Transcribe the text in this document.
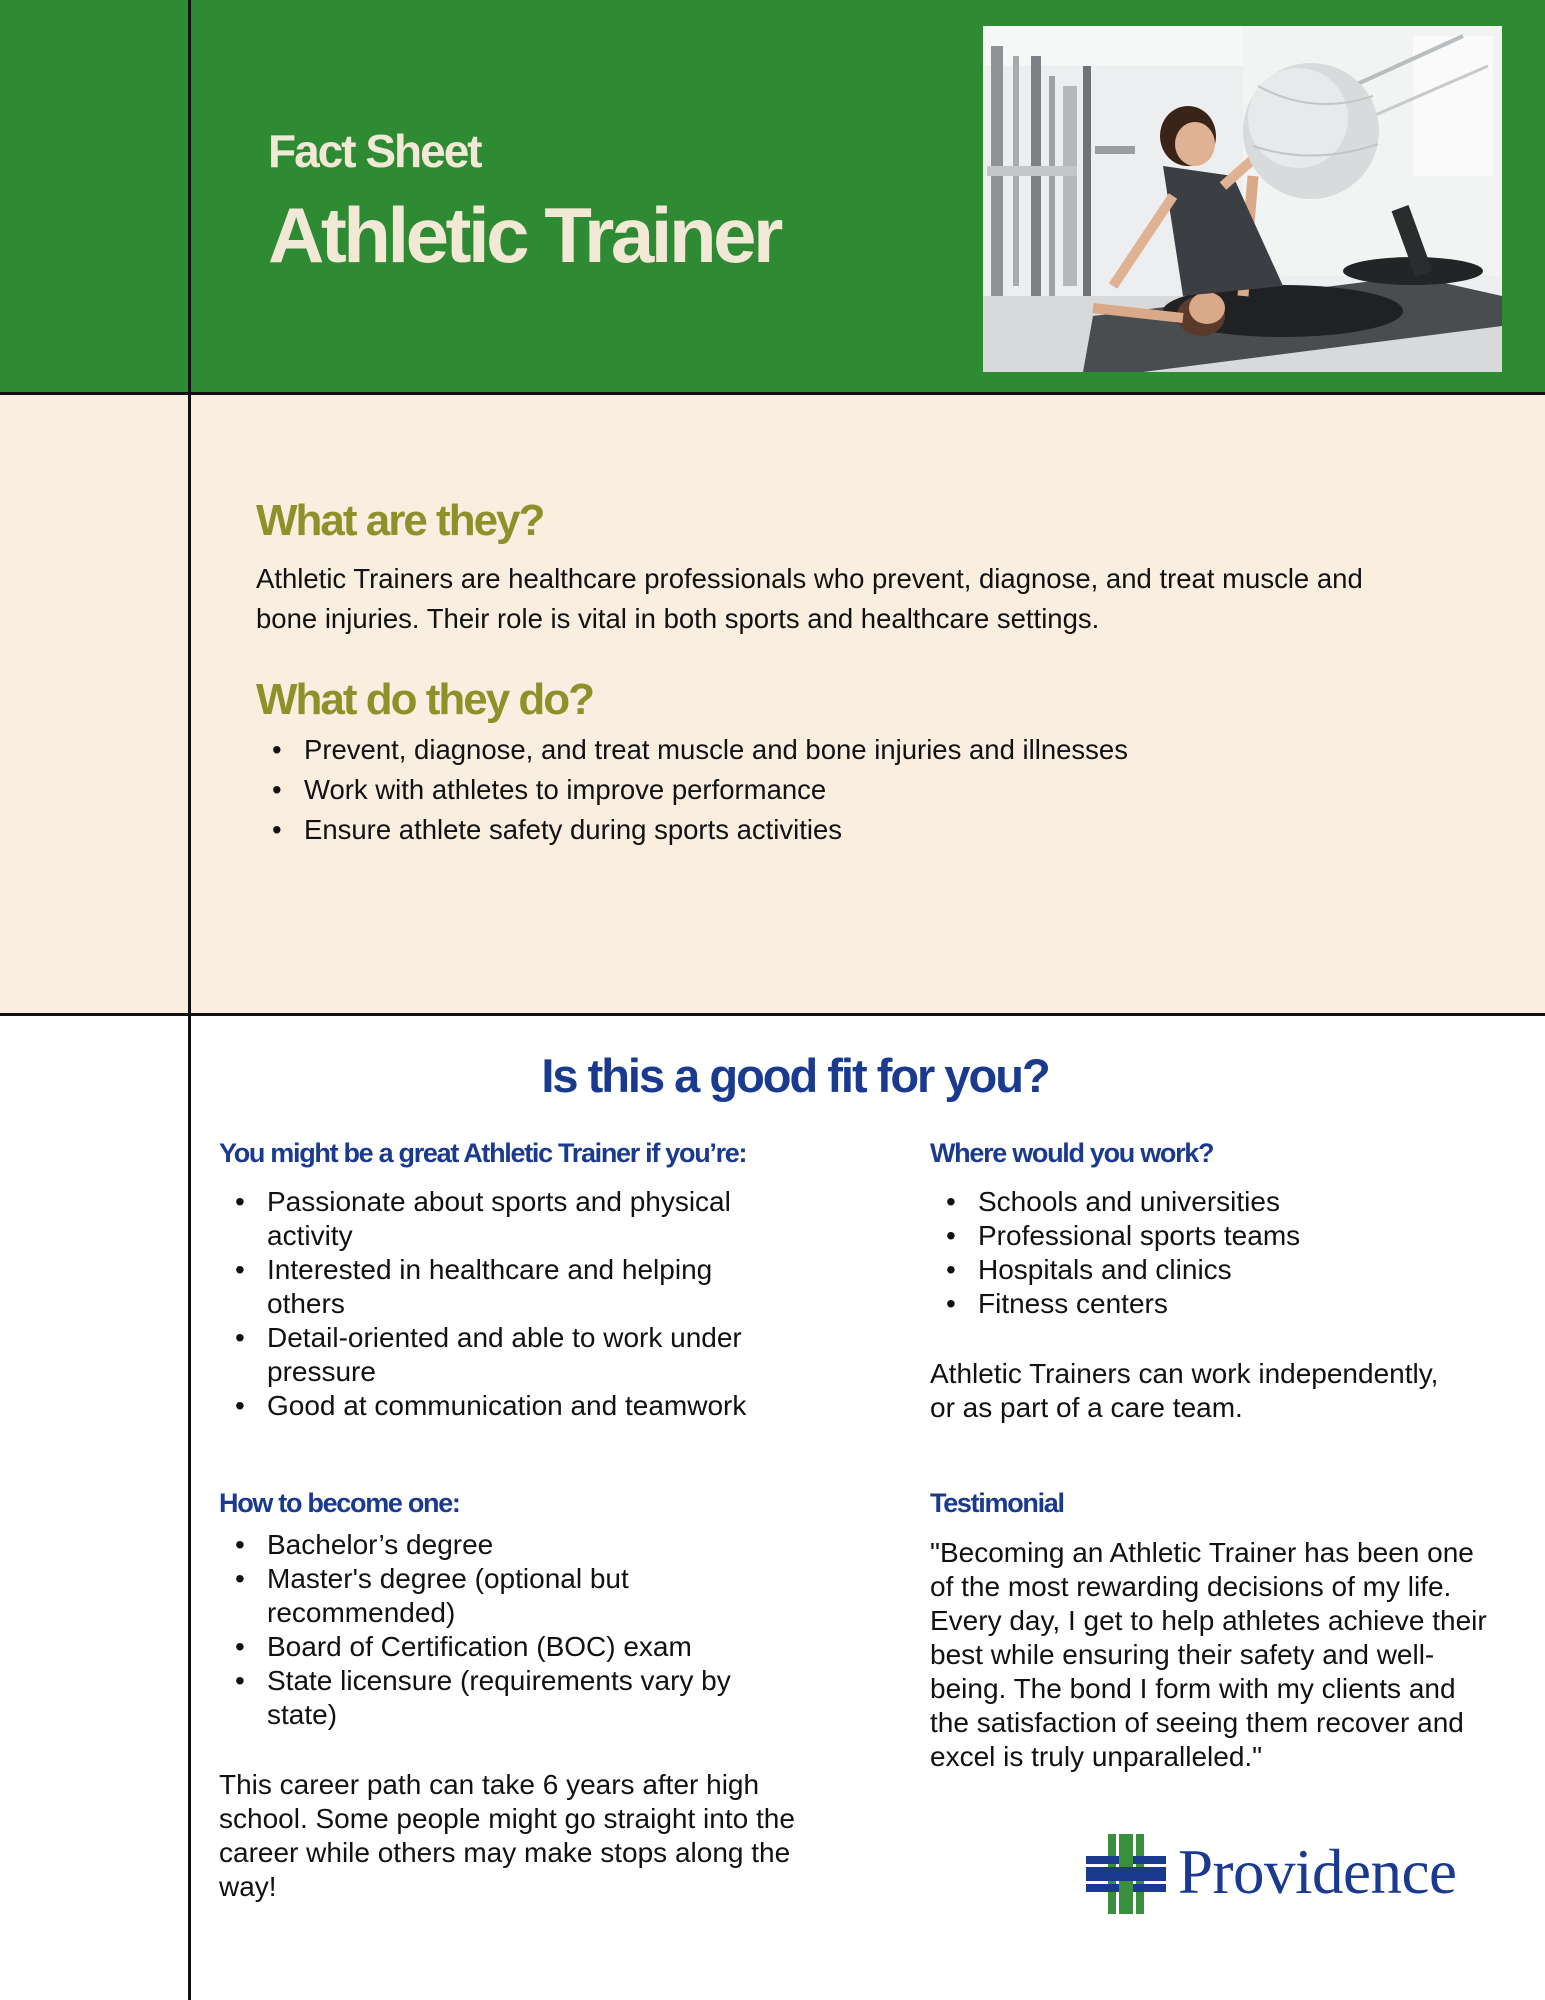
Fact Sheet
Athletic Trainer
What are they?

Athletic Trainers are healthcare professionals who prevent, diagnose, and treat muscle and bone injuries. Their role is vital in both sports and healthcare settings.

What do they do?
• Prevent, diagnose, and treat muscle and bone injuries and illnesses
• Work with athletes to improve performance
• Ensure athlete safety during sports activities
Is this a good fit for you?
You might be a great Athletic Trainer if you’re:
• Passionate about sports and physical activity
• Interested in healthcare and helping others
• Detail-oriented and able to work under pressure
• Good at communication and teamwork
How to become one:
• Bachelor’s degree
• Master's degree (optional but recommended)
• Board of Certification (BOC) exam
• State licensure (requirements vary by state)

This career path can take 6 years after high school. Some people might go straight into the career while others may make stops along the way!

Where would you work?
• Schools and universities
• Professional sports teams
• Hospitals and clinics
• Fitness centers

Athletic Trainers can work independently, or as part of a care team.

Testimonial

"Becoming an Athletic Trainer has been one of the most rewarding decisions of my life. Every day, I get to help athletes achieve their best while ensuring their safety and well-being. The bond I form with my clients and the satisfaction of seeing them recover and excel is truly unparalleled."

Providence
